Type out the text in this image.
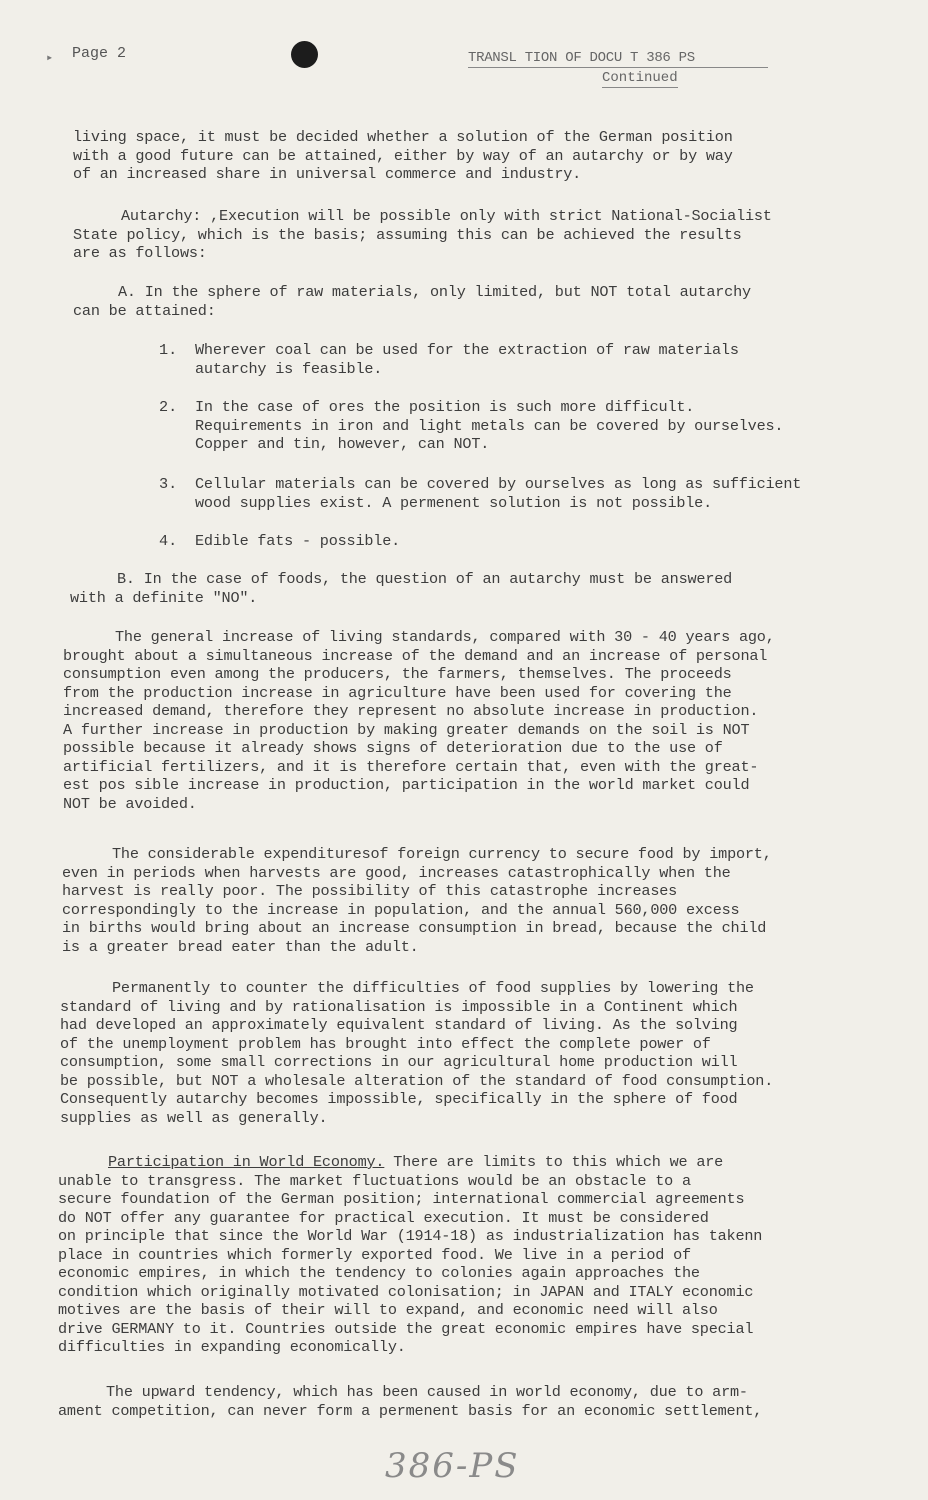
▸ Page 2	TRANSL TION OF DOCU T 386 PS
Continued
living space, it must be decided whether a solution of the German position
with a good future can be attained, either by way of an autarchy or by way
of an increased share in universal commerce and industry.
Autarchy: ,Execution will be possible only with strict National-Socialist
State policy, which is the basis; assuming this can be achieved the results
are as follows:
A. In the sphere of raw materials, only limited, but NOT total autarchy
can be attained:
1. Wherever coal can be used for the extraction of raw materials
autarchy is feasible.
2. In the case of ores the position is such more difficult.
Requirements in iron and light metals can be covered by ourselves.
Copper and tin, however, can NOT.
3. Cellular materials can be covered by ourselves as long as sufficient
wood supplies exist. A permenent solution is not possible.
4. Edible fats - possible.
B. In the case of foods, the question of an autarchy must be answered
with a definite "NO".
The general increase of living standards, compared with 30 - 40 years ago,
brought about a simultaneous increase of the demand and an increase of personal
consumption even among the producers, the farmers, themselves. The proceeds
from the production increase in agriculture have been used for covering the
increased demand, therefore they represent no absolute increase in production.
A further increase in production by making greater demands on the soil is NOT
possible because it already shows signs of deterioration due to the use of
artificial fertilizers, and it is therefore certain that, even with the great-
est pos sible increase in production, participation in the world market could
NOT be avoided.
The considerable expendituresof foreign currency to secure food by import,
even in periods when harvests are good, increases catastrophically when the
harvest is really poor. The possibility of this catastrophe increases
correspondingly to the increase in population, and the annual 560,000 excess
in births would bring about an increase consumption in bread, because the child
is a greater bread eater than the adult.
Permanently to counter the difficulties of food supplies by lowering the
standard of living and by rationalisation is impossible in a Continent which
had developed an approximately equivalent standard of living. As the solving
of the unemployment problem has brought into effect the complete power of
consumption, some small corrections in our agricultural home production will
be possible, but NOT a wholesale alteration of the standard of food consumption.
Consequently autarchy becomes impossible, specifically in the sphere of food
supplies as well as generally.
Participation in World Economy. There are limits to this which we are
unable to transgress. The market fluctuations would be an obstacle to a
secure foundation of the German position; international commercial agreements
do NOT offer any guarantee for practical execution. It must be considered
on principle that since the World War (1914-18) as industrialization has takenn
place in countries which formerly exported food. We live in a period of
economic empires, in which the tendency to colonies again approaches the
condition which originally motivated colonisation; in JAPAN and ITALY economic
motives are the basis of their will to expand, and economic need will also
drive GERMANY to it. Countries outside the great economic empires have special
difficulties in expanding economically.
The upward tendency, which has been caused in world economy, due to arm-
ament competition, can never form a permenent basis for an economic settlement,
386-PS
